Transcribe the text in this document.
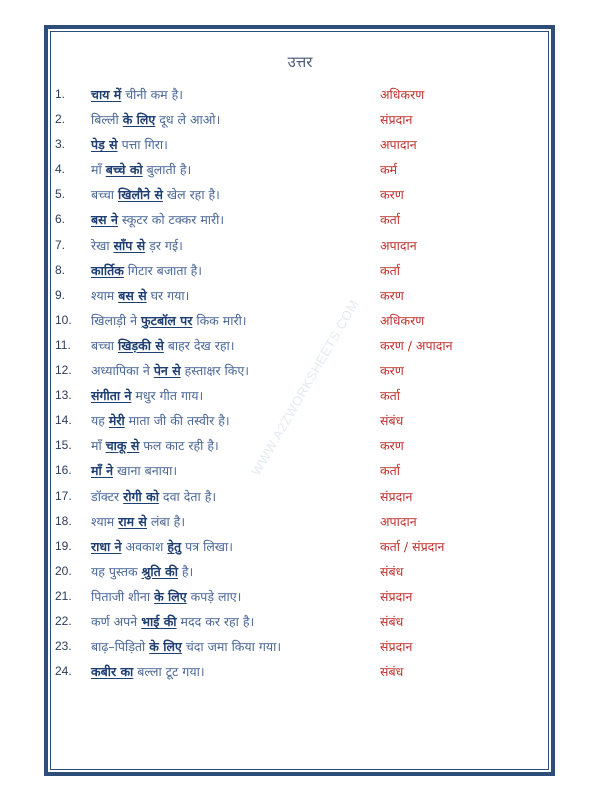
WWW.A2ZWORKSHEETS.COM
उत्तर
1. चाय में चीनी कम है।	अधिकरण
2. बिल्ली के लिए दूध ले आओ।	संप्रदान
3. पेड़ से पत्ता गिरा।	अपादान
4. माँ बच्चे को बुलाती है।	कर्म
5. बच्चा खिलौने से खेल रहा है।	करण
6. बस ने स्कूटर को टक्कर मारी।	कर्ता
7. रेखा साँप से ड़र गई।	अपादान
8. कार्तिक गिटार बजाता है।	कर्ता
9. श्याम बस से घर गया।	करण
10. खिलाड़ी ने फुटबॉल पर किक मारी।	अधिकरण
11. बच्चा खिड़की से बाहर देख रहा।	करण / अपादान
12. अध्यापिका ने पेन से हस्ताक्षर किए।	करण
13. संगीता ने मधुर गीत गाय।	कर्ता
14. यह मेरी माता जी की तस्वीर है।	संबंध
15. माँ चाकू से फल काट रही है।	करण
16. माँ ने खाना बनाया।	कर्ता
17. डॉक्टर रोगी को दवा देता है।	संप्रदान
18. श्याम राम से लंबा है।	अपादान
19. राधा ने अवकाश हेतु पत्र लिखा।	कर्ता / संप्रदान
20. यह पुस्तक श्रुति की है।	संबंध
21. पिताजी शीना के लिए कपड़े लाए।	संप्रदान
22. कर्ण अपने भाई की मदद कर रहा है।	संबंध
23. बाढ़–पिड़ितो के लिए चंदा जमा किया गया।	संप्रदान
24. कबीर का बल्ला टूट गया।	संबंध
